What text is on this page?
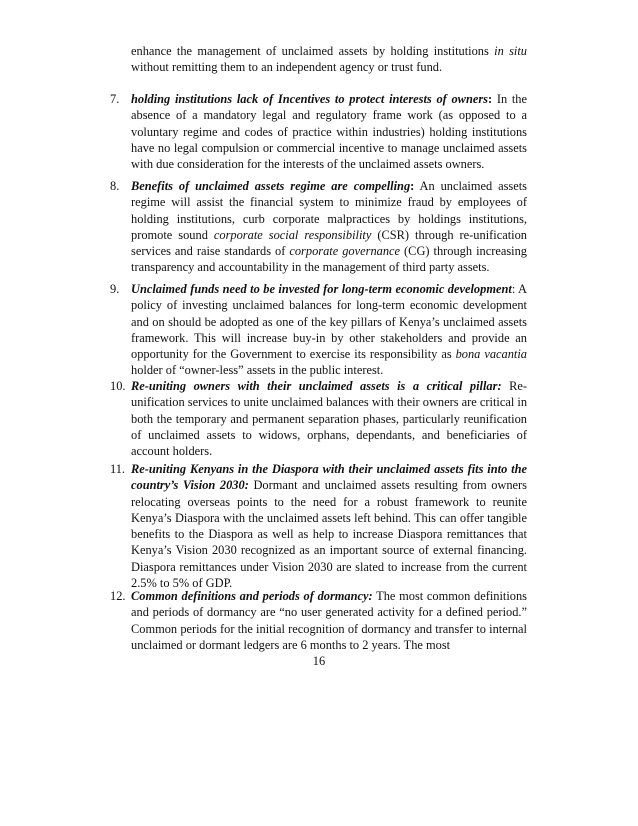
enhance the management of unclaimed assets by holding institutions in situ without remitting them to an independent agency or trust fund.

7. holding institutions lack of Incentives to protect interests of owners: In the absence of a mandatory legal and regulatory frame work (as opposed to a voluntary regime and codes of practice within industries) holding institutions have no legal compulsion or commercial incentive to manage unclaimed assets with due consideration for the interests of the unclaimed assets owners.

8. Benefits of unclaimed assets regime are compelling: An unclaimed assets regime will assist the financial system to minimize fraud by employees of holding institutions, curb corporate malpractices by holdings institutions, promote sound corporate social responsibility (CSR) through re-unification services and raise standards of corporate governance (CG) through increasing transparency and accountability in the management of third party assets.

9. Unclaimed funds need to be invested for long-term economic development: A policy of investing unclaimed balances for long-term economic development and on should be adopted as one of the key pillars of Kenya’s unclaimed assets framework. This will increase buy-in by other stakeholders and provide an opportunity for the Government to exercise its responsibility as bona vacantia holder of “owner-less” assets in the public interest.

10. Re-uniting owners with their unclaimed assets is a critical pillar: Re-unification services to unite unclaimed balances with their owners are critical in both the temporary and permanent separation phases, particularly reunification of unclaimed assets to widows, orphans, dependants, and beneficiaries of account holders.

11. Re-uniting Kenyans in the Diaspora with their unclaimed assets fits into the country’s Vision 2030: Dormant and unclaimed assets resulting from owners relocating overseas points to the need for a robust framework to reunite Kenya’s Diaspora with the unclaimed assets left behind. This can offer tangible benefits to the Diaspora as well as help to increase Diaspora remittances that Kenya’s Vision 2030 recognized as an important source of external financing. Diaspora remittances under Vision 2030 are slated to increase from the current 2.5% to 5% of GDP.

12. Common definitions and periods of dormancy: The most common definitions and periods of dormancy are “no user generated activity for a defined period.” Common periods for the initial recognition of dormancy and transfer to internal unclaimed or dormant ledgers are 6 months to 2 years. The most

16
